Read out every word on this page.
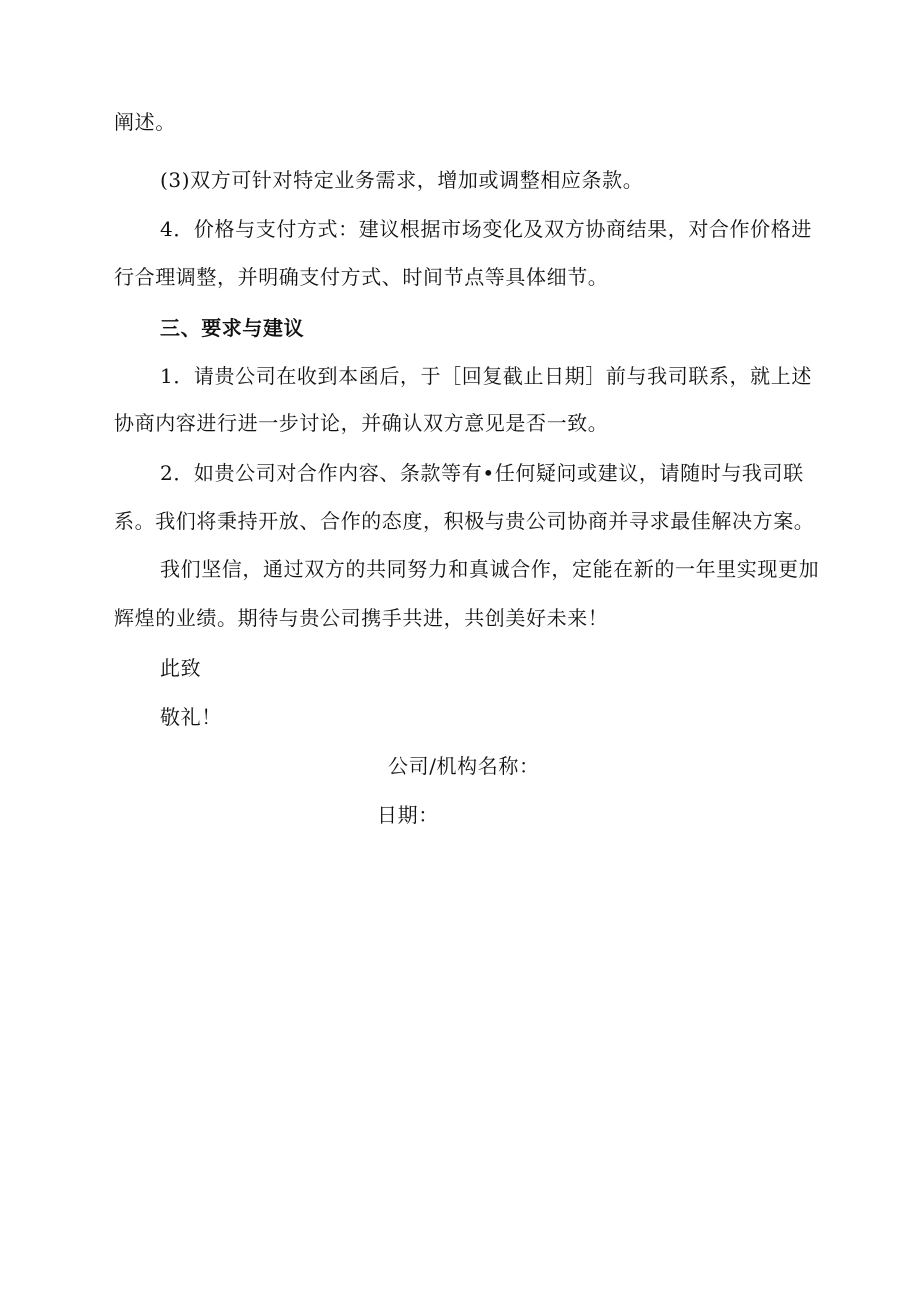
阐述。
(3)双方可针对特定业务需求，增加或调整相应条款。
4．价格与支付方式：建议根据市场变化及双方协商结果，对合作价格进
行合理调整，并明确支付方式、时间节点等具体细节。
三、要求与建议
1．请贵公司在收到本函后，于［回复截止日期］前与我司联系，就上述
协商内容进行进一步讨论，并确认双方意见是否一致。
2．如贵公司对合作内容、条款等有•任何疑问或建议，请随时与我司联
系。我们将秉持开放、合作的态度，积极与贵公司协商并寻求最佳解决方案。
我们坚信，通过双方的共同努力和真诚合作，定能在新的一年里实现更加
辉煌的业绩。期待与贵公司携手共进，共创美好未来！
此致
敬礼！
公司/机构名称：
日期：
